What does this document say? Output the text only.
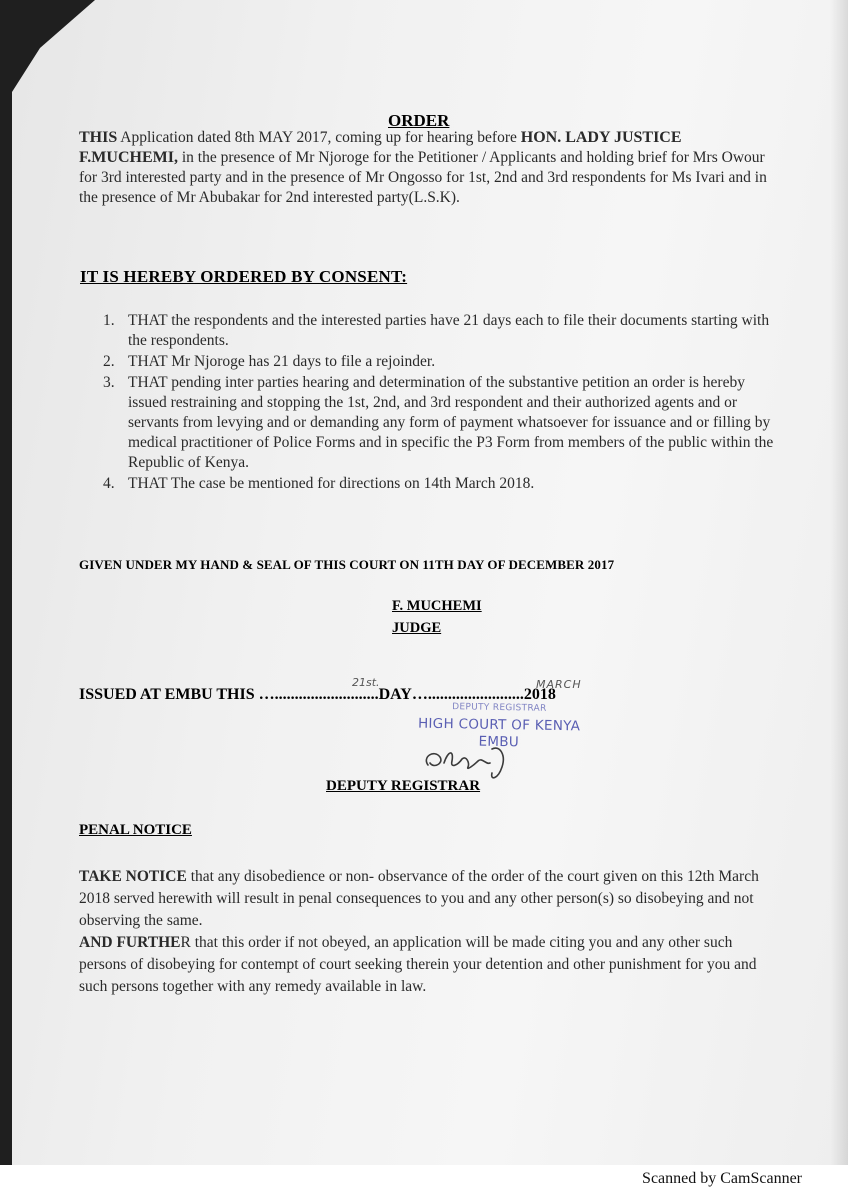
ORDER
THIS Application dated 8th MAY 2017, coming up for hearing before HON. LADY JUSTICE F.MUCHEMI, in the presence of Mr Njoroge for the Petitioner / Applicants and holding brief for Mrs Owour for 3rd interested party and in the presence of Mr Ongosso for 1st, 2nd and 3rd respondents for Ms Ivari and in the presence of Mr Abubakar for 2nd interested party(L.S.K).
IT IS HEREBY ORDERED BY CONSENT:
1. THAT the respondents and the interested parties have 21 days each to file their documents starting with the respondents.
2. THAT Mr Njoroge has 21 days to file a rejoinder.
3. THAT pending inter parties hearing and determination of the substantive petition an order is hereby issued restraining and stopping the 1st, 2nd, and 3rd respondent and their authorized agents and or servants from levying and or demanding any form of payment whatsoever for issuance and or filling by medical practitioner of Police Forms and in specific the P3 Form from members of the public within the Republic of Kenya.
4. THAT The case be mentioned for directions on 14th March 2018.
GIVEN UNDER MY HAND & SEAL OF THIS COURT ON 11TH DAY OF DECEMBER 2017
F. MUCHEMI
JUDGE
ISSUED AT EMBU THIS …..........................DAY…........................2018
21st.	MARCH
DEPUTY REGISTRAR
HIGH COURT OF KENYA
EMBU
DEPUTY REGISTRAR
PENAL NOTICE
TAKE NOTICE that any disobedience or non- observance of the order of the court given on this 12th March 2018 served herewith will result in penal consequences to you and any other person(s) so disobeying and not observing the same.
AND FURTHER that this order if not obeyed, an application will be made citing you and any other such persons of disobeying for contempt of court seeking therein your detention and other punishment for you and such persons together with any remedy available in law.
Scanned by CamScanner
